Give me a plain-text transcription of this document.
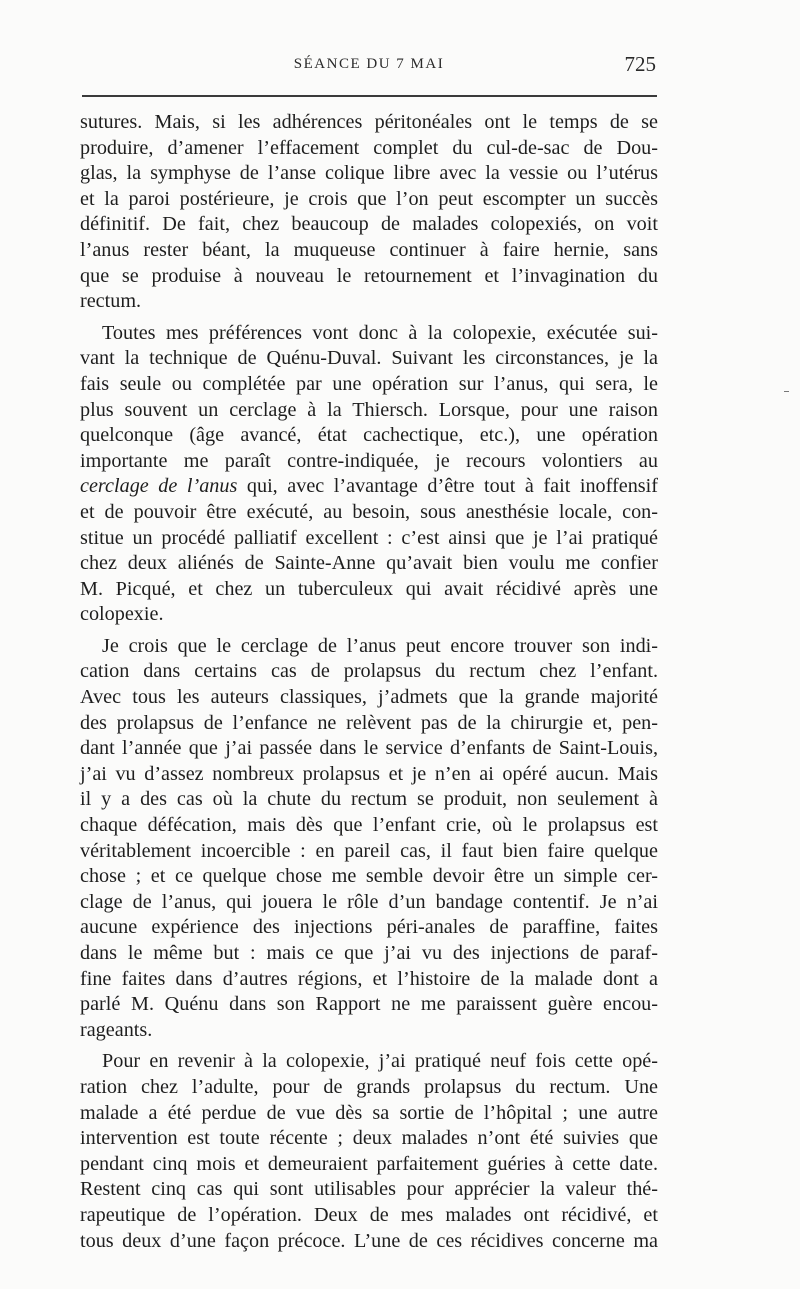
SÉANCE DU 7 MAI	725
sutures. Mais, si les adhérences péritonéales ont le temps de se
produire, d’amener l’effacement complet du cul-de-sac de Dou-
glas, la symphyse de l’anse colique libre avec la vessie ou l’utérus
et la paroi postérieure, je crois que l’on peut escompter un succès
définitif. De fait, chez beaucoup de malades colopexiés, on voit
l’anus rester béant, la muqueuse continuer à faire hernie, sans
que se produise à nouveau le retournement et l’invagination du
rectum.
Toutes mes préférences vont donc à la colopexie, exécutée sui-
vant la technique de Quénu-Duval. Suivant les circonstances, je la
fais seule ou complétée par une opération sur l’anus, qui sera, le
plus souvent un cerclage à la Thiersch. Lorsque, pour une raison
quelconque (âge avancé, état cachectique, etc.), une opération
importante me paraît contre-indiquée, je recours volontiers au
cerclage de l’anus qui, avec l’avantage d’être tout à fait inoffensif
et de pouvoir être exécuté, au besoin, sous anesthésie locale, con-
stitue un procédé palliatif excellent : c’est ainsi que je l’ai pratiqué
chez deux aliénés de Sainte-Anne qu’avait bien voulu me confier
M. Picqué, et chez un tuberculeux qui avait récidivé après une
colopexie.
Je crois que le cerclage de l’anus peut encore trouver son indi-
cation dans certains cas de prolapsus du rectum chez l’enfant.
Avec tous les auteurs classiques, j’admets que la grande majorité
des prolapsus de l’enfance ne relèvent pas de la chirurgie et, pen-
dant l’année que j’ai passée dans le service d’enfants de Saint-Louis,
j’ai vu d’assez nombreux prolapsus et je n’en ai opéré aucun. Mais
il y a des cas où la chute du rectum se produit, non seulement à
chaque défécation, mais dès que l’enfant crie, où le prolapsus est
véritablement incoercible : en pareil cas, il faut bien faire quelque
chose ; et ce quelque chose me semble devoir être un simple cer-
clage de l’anus, qui jouera le rôle d’un bandage contentif. Je n’ai
aucune expérience des injections péri-anales de paraffine, faites
dans le même but : mais ce que j’ai vu des injections de paraf-
fine faites dans d’autres régions, et l’histoire de la malade dont a
parlé M. Quénu dans son Rapport ne me paraissent guère encou-
rageants.
Pour en revenir à la colopexie, j’ai pratiqué neuf fois cette opé-
ration chez l’adulte, pour de grands prolapsus du rectum. Une
malade a été perdue de vue dès sa sortie de l’hôpital ; une autre
intervention est toute récente ; deux malades n’ont été suivies que
pendant cinq mois et demeuraient parfaitement guéries à cette date.
Restent cinq cas qui sont utilisables pour apprécier la valeur thé-
rapeutique de l’opération. Deux de mes malades ont récidivé, et
tous deux d’une façon précoce. L’une de ces récidives concerne ma
